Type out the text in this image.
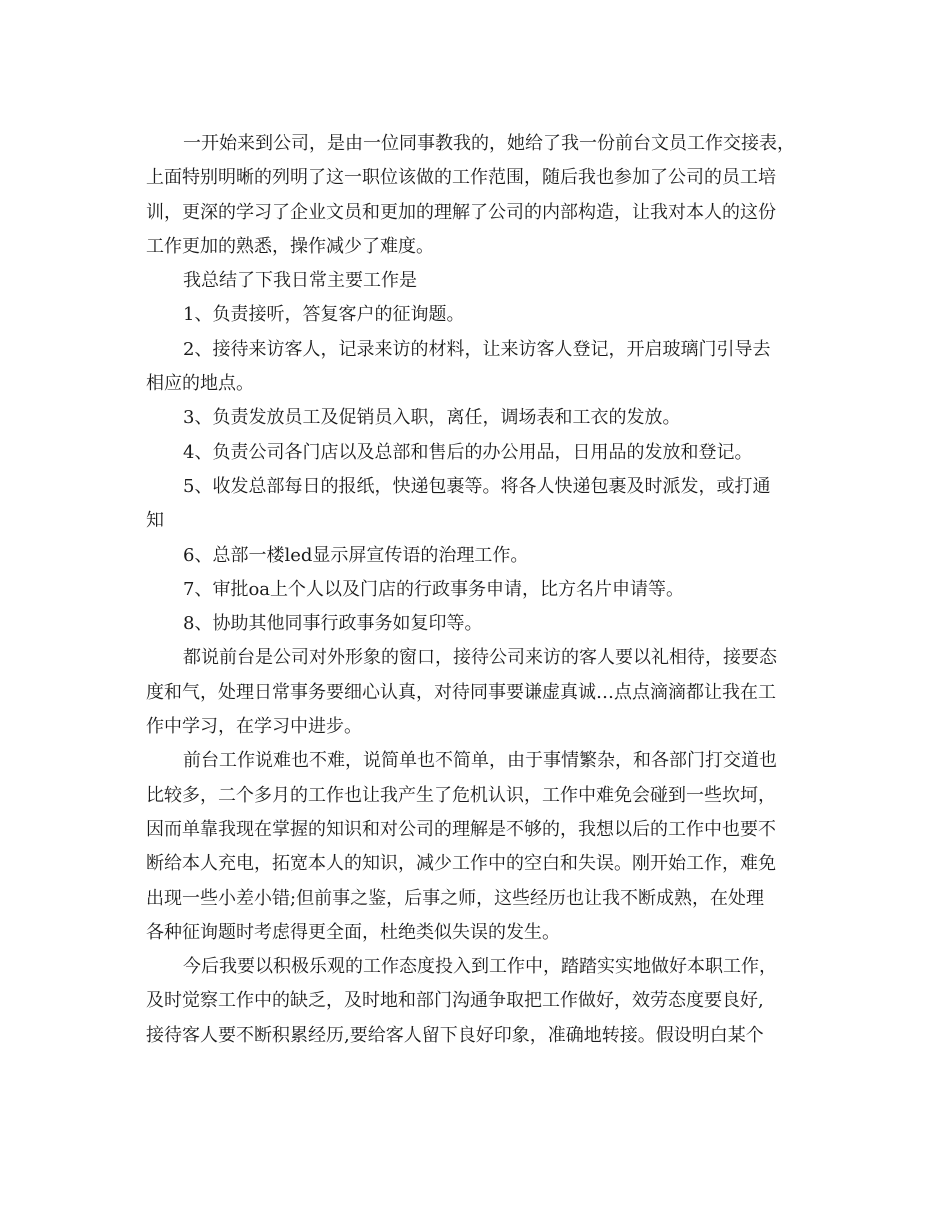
一开始来到公司，是由一位同事教我的，她给了我一份前台文员工作交接表，
上面特别明晰的列明了这一职位该做的工作范围，随后我也参加了公司的员工培
训，更深的学习了企业文员和更加的理解了公司的内部构造，让我对本人的这份
工作更加的熟悉，操作减少了难度。
我总结了下我日常主要工作是
1、负责接听，答复客户的征询题。
2、接待来访客人，记录来访的材料，让来访客人登记，开启玻璃门引导去
相应的地点。
3、负责发放员工及促销员入职，离任，调场表和工衣的发放。
4、负责公司各门店以及总部和售后的办公用品，日用品的发放和登记。
5、收发总部每日的报纸，快递包裹等。将各人快递包裹及时派发，或打通
知
6、总部一楼led显示屏宣传语的治理工作。
7、审批oa上个人以及门店的行政事务申请，比方名片申请等。
8、协助其他同事行政事务如复印等。
都说前台是公司对外形象的窗口，接待公司来访的客人要以礼相待，接要态
度和气，处理日常事务要细心认真，对待同事要谦虚真诚…点点滴滴都让我在工
作中学习，在学习中进步。
前台工作说难也不难，说简单也不简单，由于事情繁杂，和各部门打交道也
比较多，二个多月的工作也让我产生了危机认识，工作中难免会碰到一些坎坷，
因而单靠我现在掌握的知识和对公司的理解是不够的，我想以后的工作中也要不
断给本人充电，拓宽本人的知识，减少工作中的空白和失误。刚开始工作，难免
出现一些小差小错;但前事之鉴，后事之师，这些经历也让我不断成熟，在处理
各种征询题时考虑得更全面，杜绝类似失误的发生。
今后我要以积极乐观的工作态度投入到工作中，踏踏实实地做好本职工作，
及时觉察工作中的缺乏，及时地和部门沟通争取把工作做好，效劳态度要良好,
接待客人要不断积累经历,要给客人留下良好印象，准确地转接。假设明白某个
